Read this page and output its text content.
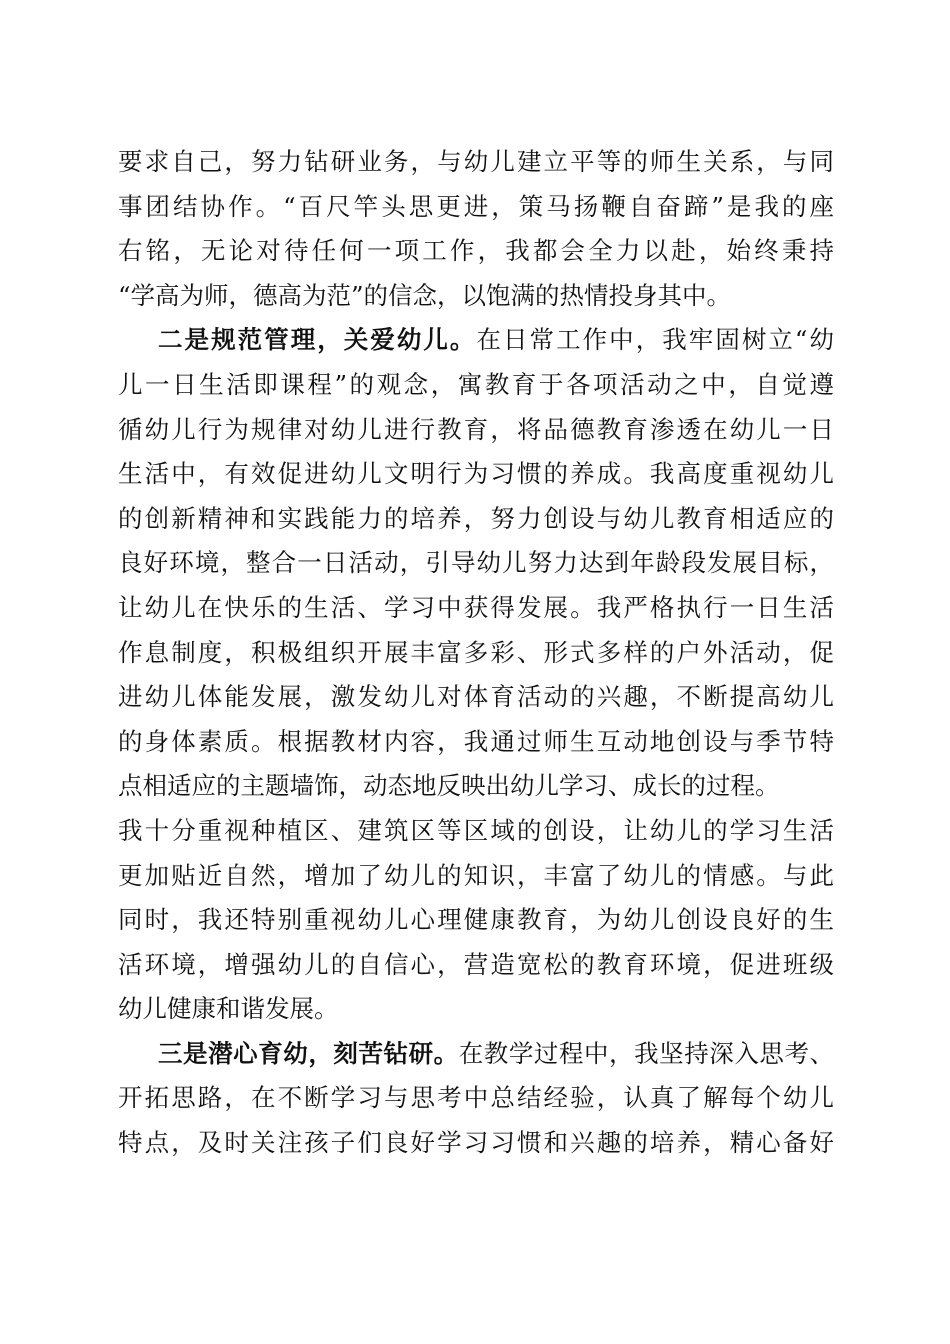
要求自己，努力钻研业务，与幼儿建立平等的师生关系，与同
事团结协作。“百尺竿头思更进，策马扬鞭自奋蹄”是我的座
右铭，无论对待任何一项工作，我都会全力以赴，始终秉持
“学高为师，德高为范”的信念，以饱满的热情投身其中。
二是规范管理，关爱幼儿。在日常工作中，我牢固树立“幼
儿一日生活即课程”的观念，寓教育于各项活动之中，自觉遵
循幼儿行为规律对幼儿进行教育，将品德教育渗透在幼儿一日
生活中，有效促进幼儿文明行为习惯的养成。我高度重视幼儿
的创新精神和实践能力的培养，努力创设与幼儿教育相适应的
良好环境，整合一日活动，引导幼儿努力达到年龄段发展目标，
让幼儿在快乐的生活、学习中获得发展。我严格执行一日生活
作息制度，积极组织开展丰富多彩、形式多样的户外活动，促
进幼儿体能发展，激发幼儿对体育活动的兴趣，不断提高幼儿
的身体素质。根据教材内容，我通过师生互动地创设与季节特
点相适应的主题墙饰，动态地反映出幼儿学习、成长的过程。
我十分重视种植区、建筑区等区域的创设，让幼儿的学习生活
更加贴近自然，增加了幼儿的知识，丰富了幼儿的情感。与此
同时，我还特别重视幼儿心理健康教育，为幼儿创设良好的生
活环境，增强幼儿的自信心，营造宽松的教育环境，促进班级
幼儿健康和谐发展。
三是潜心育幼，刻苦钻研。在教学过程中，我坚持深入思考、
开拓思路，在不断学习与思考中总结经验，认真了解每个幼儿
特点，及时关注孩子们良好学习习惯和兴趣的培养，精心备好
